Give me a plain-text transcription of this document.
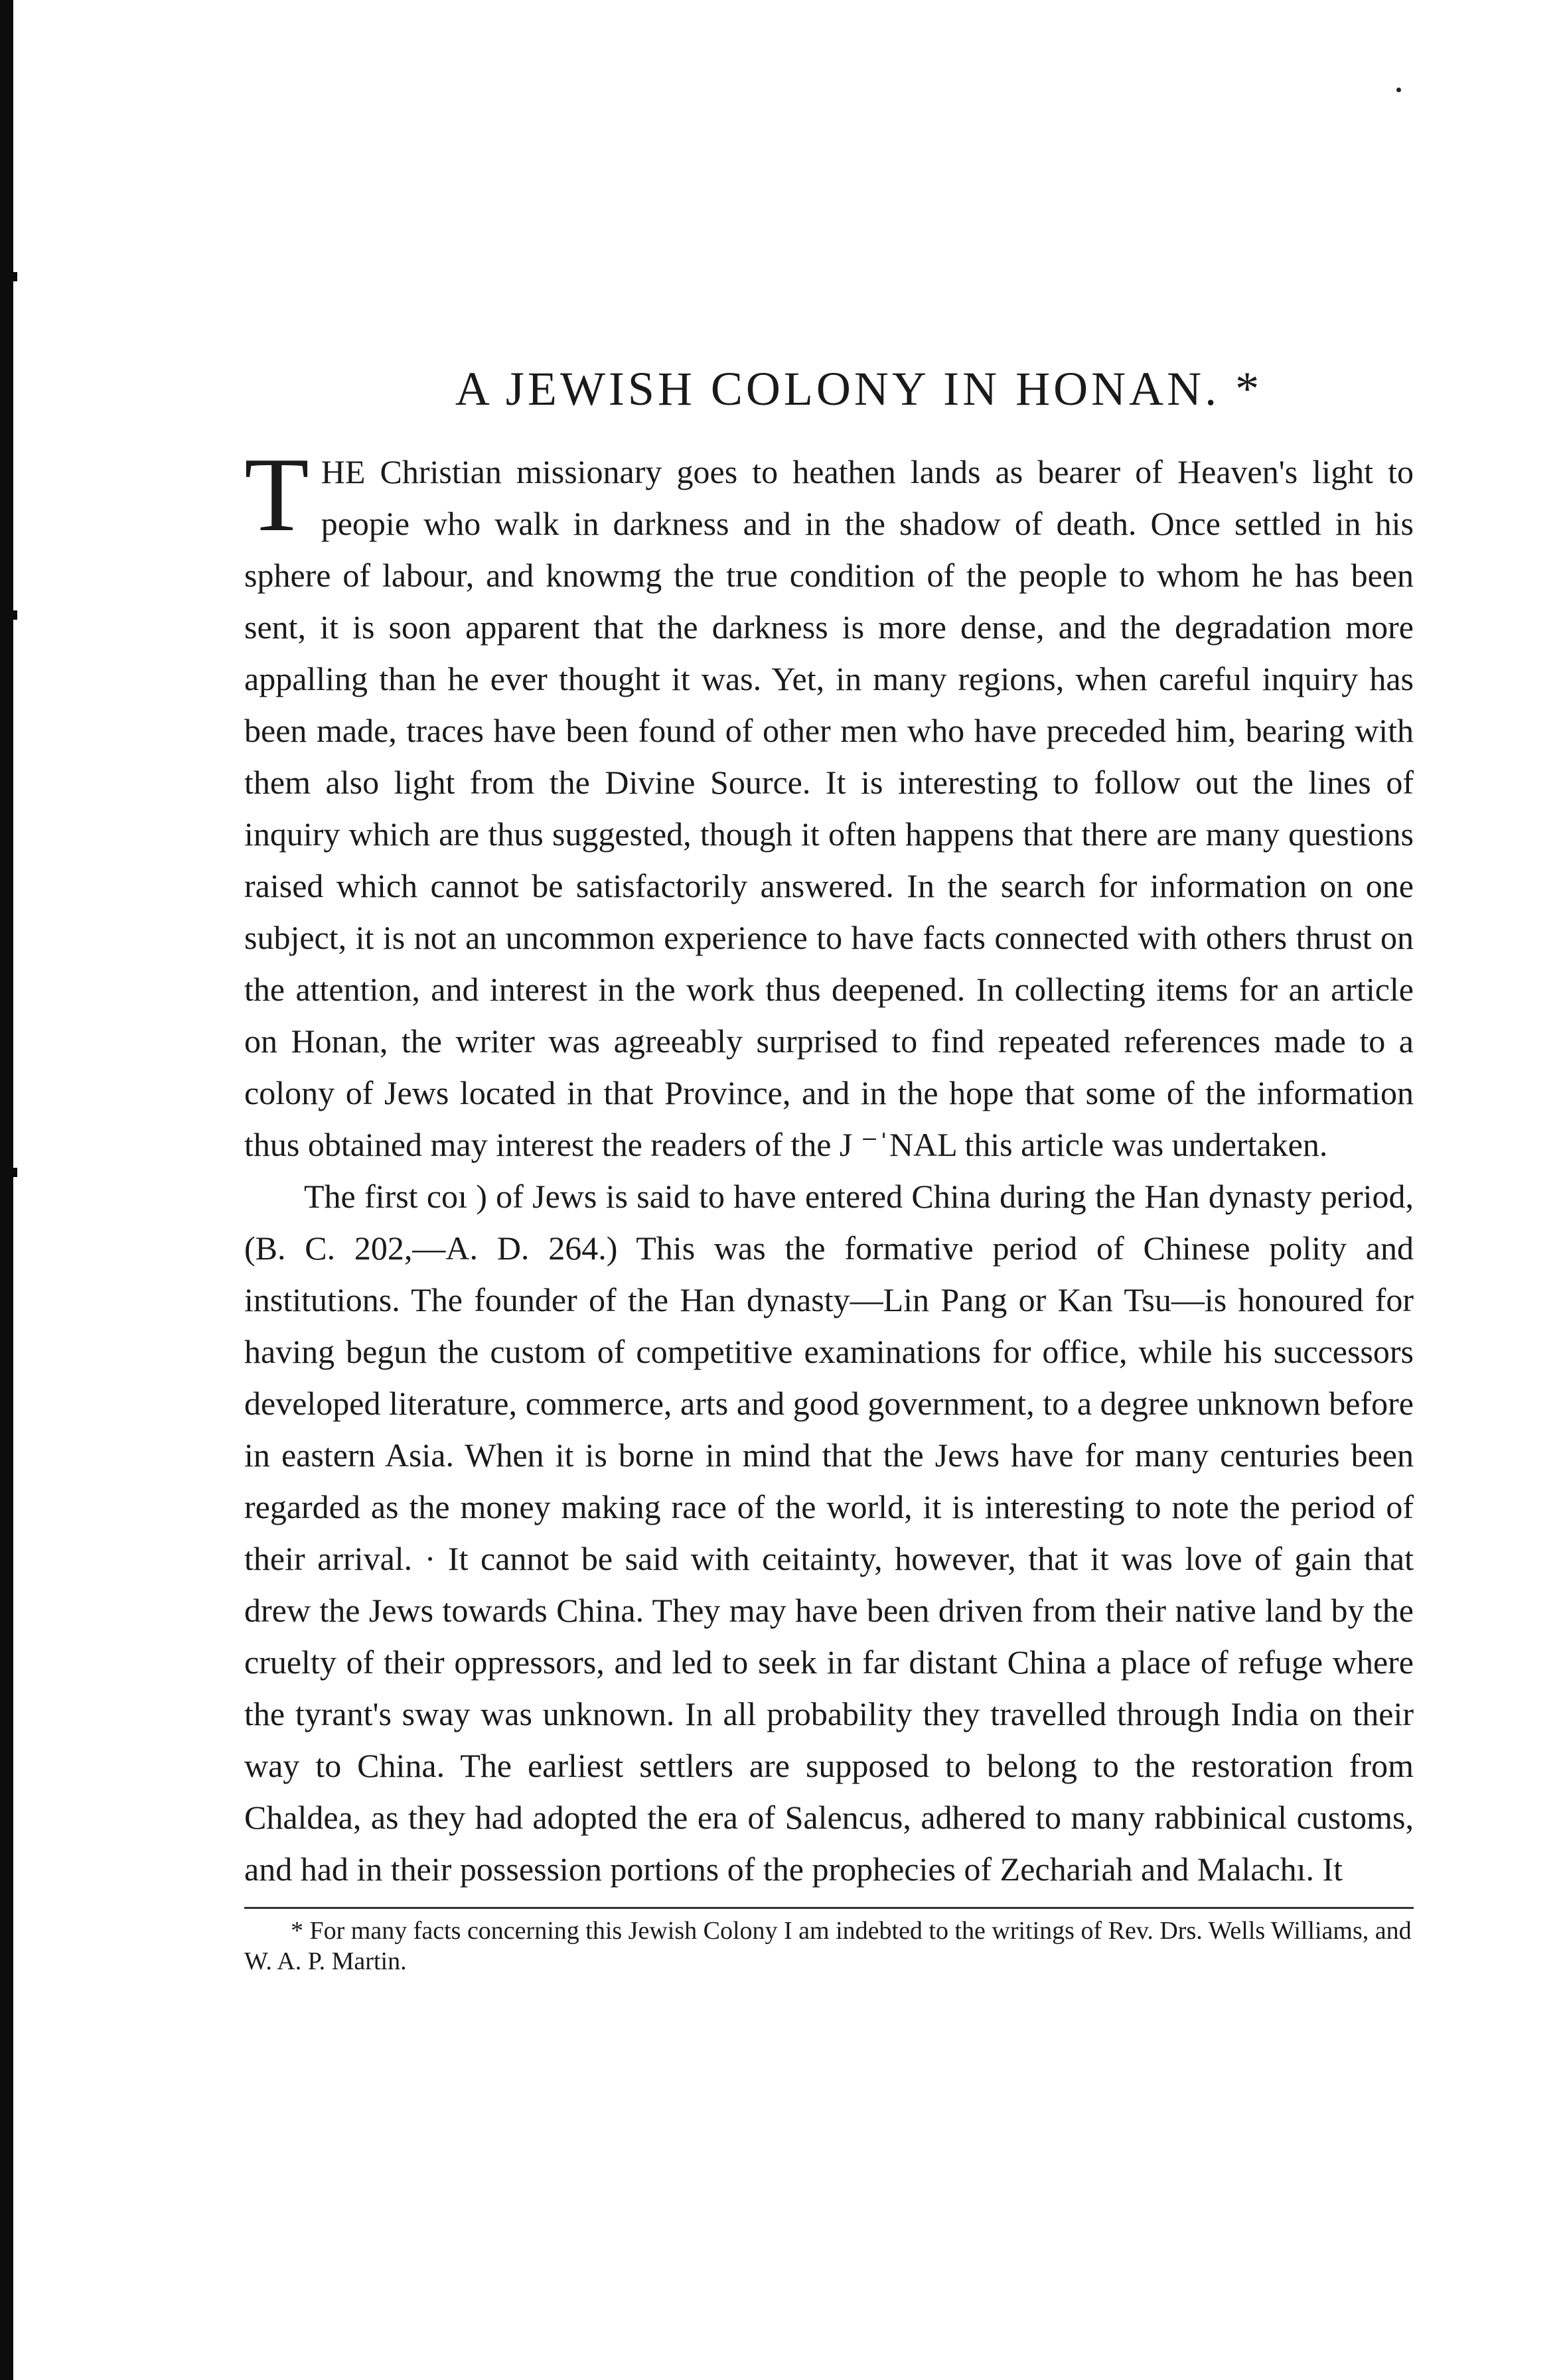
A JEWISH COLONY IN HONAN. *

THE Christian missionary goes to heathen lands as bearer of Heaven's light to peopie who walk in darkness and in the shadow of death. Once settled in his sphere of labour, and knowmg the true condition of the people to whom he has been sent, it is soon apparent that the darkness is more dense, and the degradation more appalling than he ever thought it was. Yet, in many regions, when careful inquiry has been made, traces have been found of other men who have preceded him, bearing with them also light from the Divine Source. It is interesting to follow out the lines of inquiry which are thus suggested, though it often happens that there are many questions raised which cannot be satisfactorily answered. In the search for information on one subject, it is not an uncommon experience to have facts connected with others thrust on the attention, and interest in the work thus deepened. In collecting items for an article on Honan, the writer was agreeably surprised to find repeated references made to a colony of Jews located in that Province, and in the hope that some of the information thus obtained may interest the readers of the J ⁻ˈNAL this article was undertaken.

The first coı ) of Jews is said to have entered China during the Han dynasty period, (B. C. 202,—A. D. 264.) This was the formative period of Chinese polity and institutions. The founder of the Han dynasty—Lin Pang or Kan Tsu—is honoured for having begun the custom of competitive examinations for office, while his successors developed literature, commerce, arts and good government, to a degree unknown before in eastern Asia. When it is borne in mind that the Jews have for many centuries been regarded as the money making race of the world, it is interesting to note the period of their arrival. · It cannot be said with ceitainty, however, that it was love of gain that drew the Jews towards China. They may have been driven from their native land by the cruelty of their oppressors, and led to seek in far distant China a place of refuge where the tyrant's sway was unknown. In all probability they travelled through India on their way to China. The earliest settlers are supposed to belong to the restoration from Chaldea, as they had adopted the era of Salencus, adhered to many rabbinical customs, and had in their possession portions of the prophecies of Zechariah and Malachı. It

* For many facts concerning this Jewish Colony I am indebted to the writings of Rev. Drs. Wells Williams, and W. A. P. Martin.
